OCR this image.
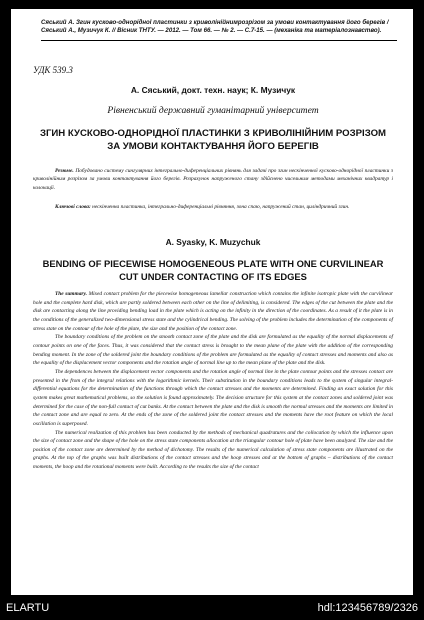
Сяський А. Згин кусково-однорідної пластинки з криволінійнимрозрізом за умови контактування його берегів / Сяський А., Музичук К. // Вісник ТНТУ. — 2012. — Том 66. — № 2. — С.7-15. — (механіка та матеріалознавство).
УДК 539.3
А. Сяський, докт. техн. наук; К. Музичук
Рівненський державний гуманітарний університет
ЗГИН КУСКОВО-ОДНОРІДНОЇ ПЛАСТИНКИ З КРИВОЛІНІЙНИМ РОЗРІЗОМ ЗА УМОВИ КОНТАКТУВАННЯ ЙОГО БЕРЕГІВ
Резюме. Побудовано систему сингулярних інтегрально-диференціальних рівнянь для задачі про згин нескінченної кусково-однорідної пластинки з криволінійним розрізом за умови контактування його берегів. Розрахунок напруженого стану здійснено чисельним методами механічних квадратур і колокації.
Ключові слова: нескінченна пластинка, інтегрально-диференціальні рівняння, зона спаю, напружений стан, циліндричний згин.
A. Syasky, K. Muzychuk
BENDING OF PIECEWISE HOMOGENEOUS PLATE WITH ONE CURVILINEAR CUT UNDER CONTACTING OF ITS EDGES

The summary. Mixed contact problem for the piecewise homogeneous lamellar construction which contains the infinite isotropic plate with the curvilinear hole and the complete hard disk, which are partly soldered between each other on the line of delimiting, is considered. The edges of the cut between the plate and the disk are contacting along the line providing bending load in the plate which is acting on the infinity in the direction of the coordinates. As a result of it the plate is in the conditions of the generalized two-dimensional stress state and the cylindrical bending. The solving of the problem includes the determination of the components of stress state on the contour of the hole of the plate, the size and the position of the contact zone.

The boundary conditions of the problem on the smooth contact zone of the plate and the disk are formulated as the equality of the normal displacements of contour points on one of the faces. Thus, it was considered that the contact stress is brought to the mean plane of the plate with the addition of the corresponding bending moment. In the zone of the soldered joint the boundary conditions of the problem are formulated as the equality of contact stresses and moments and also as the equality of the displacement vector components and the rotation angle of normal line up to the mean plane of the plate and the disk.

The dependences between the displacement vector components and the rotation angle of normal line in the plate contour points and the stresses contact are presented in the from of the integral relations with the logarithmic kernels. Their substitution in the boundary conditions leads to the system of singular integral-differential equations for the determination of the functions through which the contact stresses and the moments are determined. Finding an exact solution for this system makes great mathematical problems, so the solution is found approximately. The decision structure for this system at the contact zones and soldered joint was determined for the case of the non-full contact of cut banks. At the contact between the plate and the disk is smooth the normal stresses and the moments are limited in the contact zone and are equal to zero. At the ends of the zone of the soldered joint the contact stresses and the moments have the root feature on which the local oscillation is superposed.

The numerical realization of this problem has been conducted by the methods of mechanical quadratures and the collocation by which the influence upon the size of contact zone and the shape of the hole on the stress state components allocation at the triangular contour hole of plate have been analyzed. The size and the position of the contact zone are determined by the method of dichotomy. The results of the numerical calculation of stress state components are illustrated on the graphs. At the top of the graphs was built distributions of the contact stresses and the hoop stresses and at the bottom of graphs – distributions of the contact moments, the hoop and the rotational moments were built. According to the results the size of the contact

ELARTU	hdl:123456789/2326
